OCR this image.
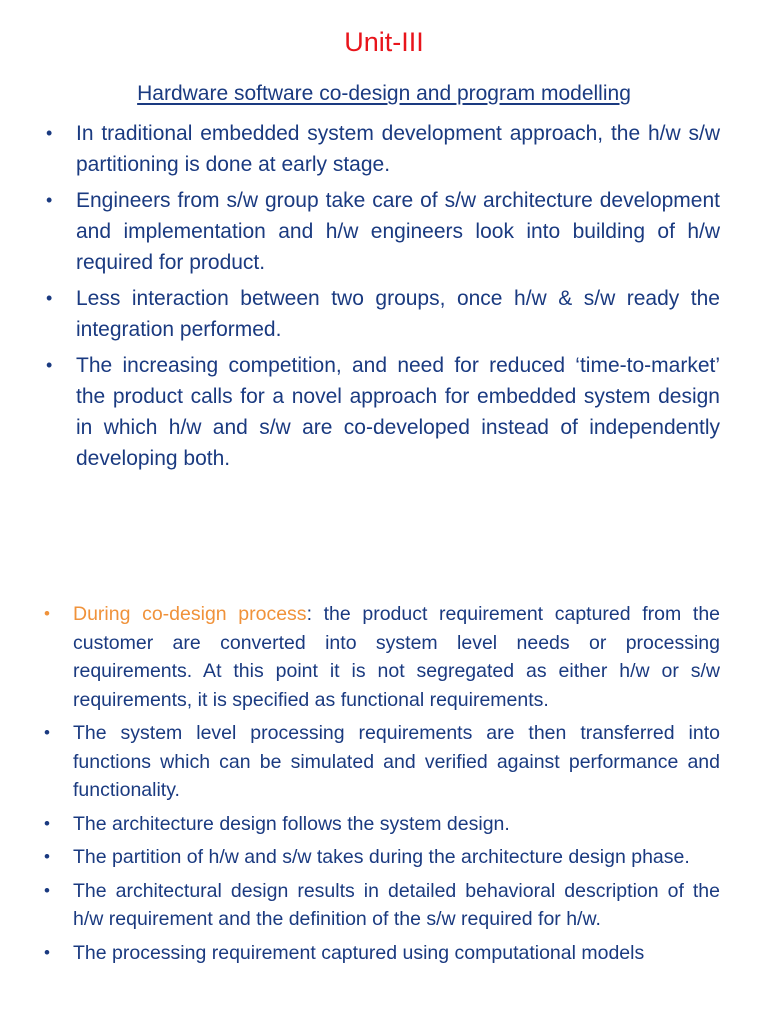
Unit-III
Hardware software co-design and program modelling
• In traditional embedded system development approach, the h/w s/w partitioning is done at early stage.
• Engineers from s/w group take care of s/w architecture development and implementation and h/w engineers look into building of h/w required for product.
• Less interaction between two groups, once h/w & s/w ready the integration performed.
• The increasing competition, and need for reduced ‘time-to-market’ the product calls for a novel approach for embedded system design in which h/w and s/w are co-developed instead of independently developing both.
• During co-design process: the product requirement captured from the customer are converted into system level needs or processing requirements. At this point it is not segregated as either h/w or s/w requirements, it is specified as functional requirements.
• The system level processing requirements are then transferred into functions which can be simulated and verified against performance and functionality.
• The architecture design follows the system design.
• The partition of h/w and s/w takes during the architecture design phase.
• The architectural design results in detailed behavioral description of the h/w requirement and the definition of the s/w required for h/w.
• The processing requirement captured using computational models
